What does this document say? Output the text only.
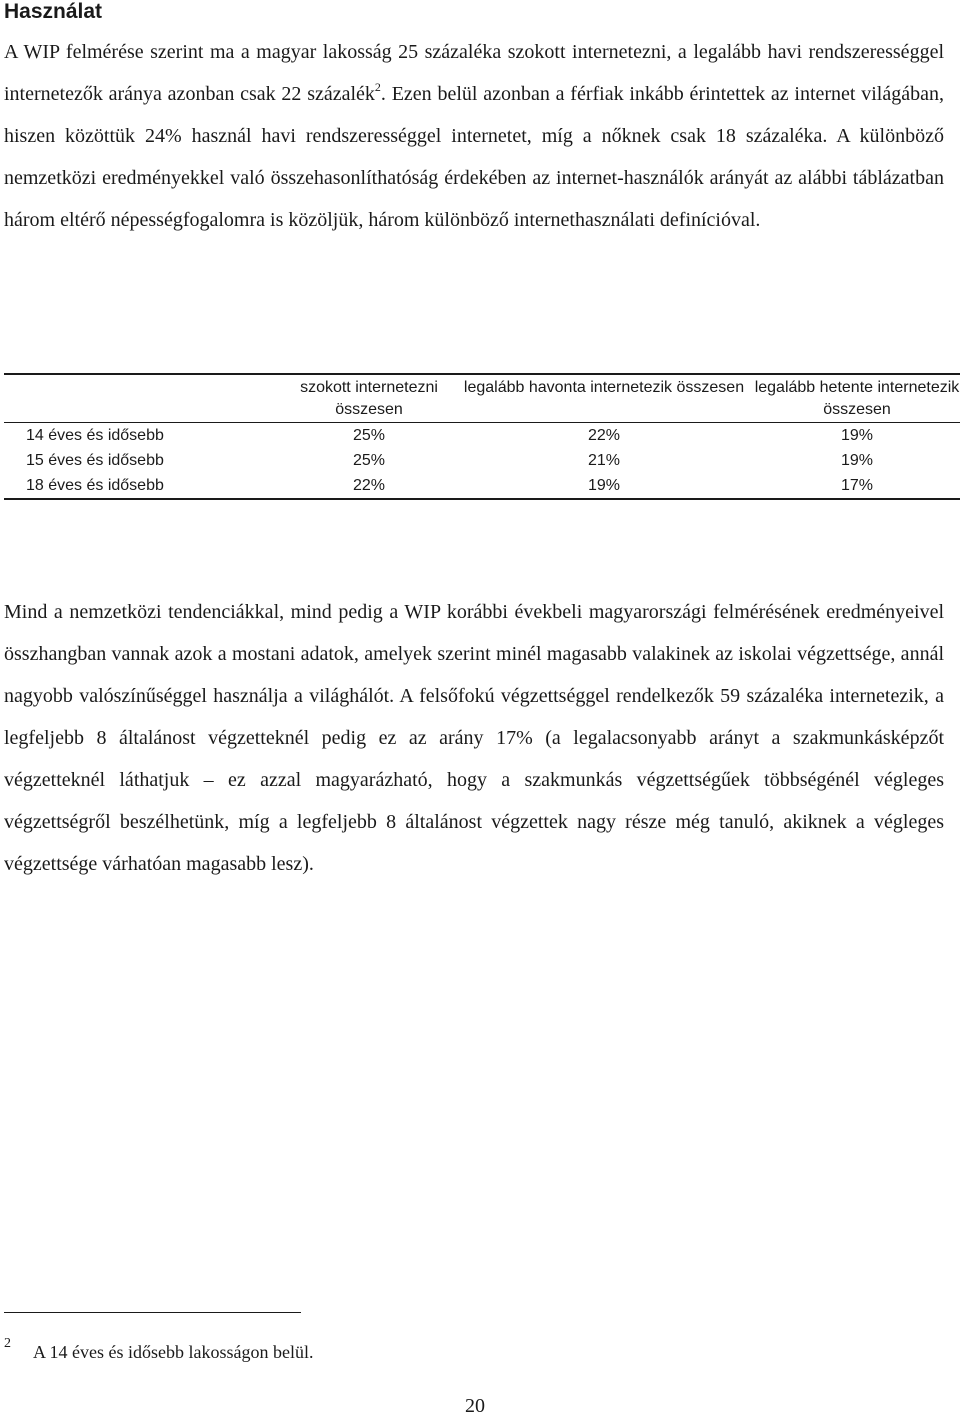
Használat

A WIP felmérése szerint ma a magyar lakosság 25 százaléka szokott internetezni, a legalább havi rendszerességgel internetezők aránya azonban csak 22 százalék$^2$. Ezen belül azonban a férfiak inkább érintettek az internet világában, hiszen közöttük 24% használ havi rendszerességgel internetet, míg a nőknek csak 18 százaléka. A különböző nemzetközi eredményekkel való összehasonlíthatóság érdekében az internet-használók arányát az alábbi táblázatban három eltérő népességfogalomra is közöljük, három különböző internethasználati definícióval.

	szokott internetezni összesen	legalább havonta internetezik összesen	legalább hetente internetezik összesen
14 éves és idősebb	25%	22%	19%
15 éves és idősebb	25%	21%	19%
18 éves és idősebb	22%	19%	17%

Mind a nemzetközi tendenciákkal, mind pedig a WIP korábbi évekbeli magyarországi felmérésének eredményeivel összhangban vannak azok a mostani adatok, amelyek szerint minél magasabb valakinek az iskolai végzettsége, annál nagyobb valószínűséggel használja a világhálót. A felsőfokú végzettséggel rendelkezők 59 százaléka internetezik, a legfeljebb 8 általánost végzetteknél pedig ez az arány 17% (a legalacsonyabb arányt a szakmunkásképzőt végzetteknél láthatjuk – ez azzal magyarázható, hogy a szakmunkás végzettségűek többségénél végleges végzettségről beszélhetünk, míg a legfeljebb 8 általánost végzettek nagy része még tanuló, akiknek a végleges végzettsége várhatóan magasabb lesz).

2 A 14 éves és idősebb lakosságon belül.
20
